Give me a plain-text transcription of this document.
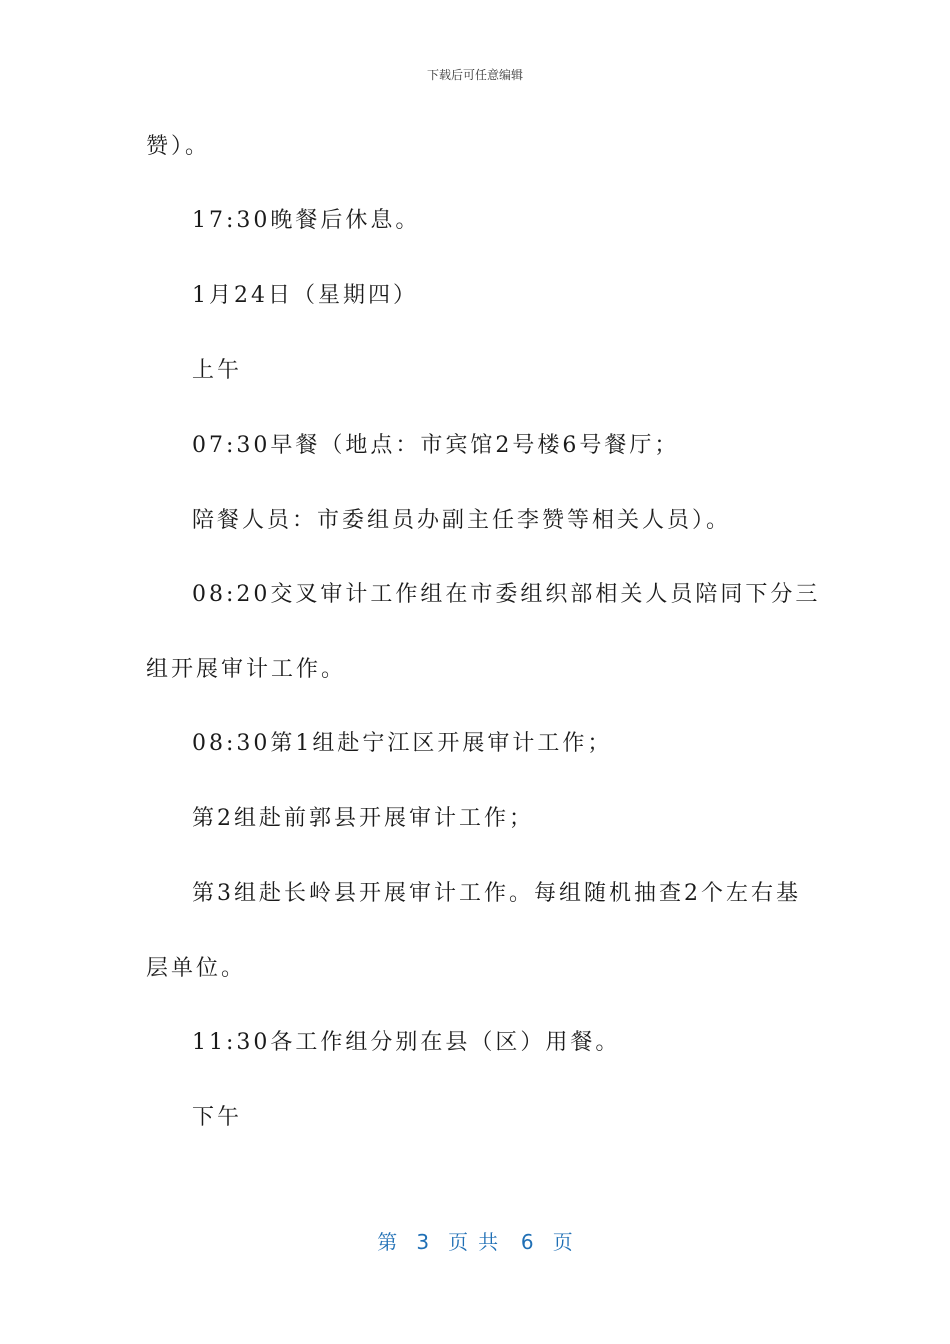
下载后可任意编辑
赞）。
17:30晚餐后休息。
1月24日（星期四）
上午
07:30早餐（地点：市宾馆2号楼6号餐厅；
陪餐人员：市委组员办副主任李赞等相关人员）。
08:20交叉审计工作组在市委组织部相关人员陪同下分三
组开展审计工作。
08:30第1组赴宁江区开展审计工作；
第2组赴前郭县开展审计工作；
第3组赴长岭县开展审计工作。每组随机抽查2个左右基
层单位。
11:30各工作组分别在县（区）用餐。
下午
第 3 页共 6 页
